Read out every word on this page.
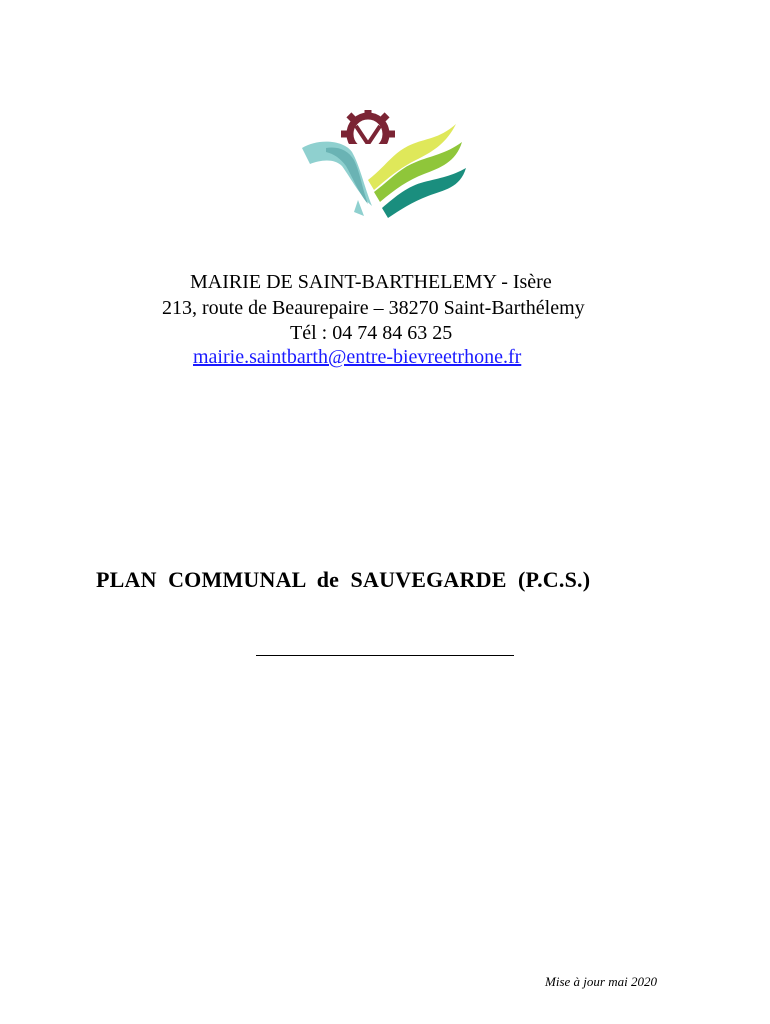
MAIRIE DE SAINT-BARTHELEMY - Isère
213, route de Beaurepaire – 38270 Saint-Barthélemy
Tél : 04 74 84 63 25
mairie.saintbarth@entre-bievreetrhone.fr
PLAN  COMMUNAL  de  SAUVEGARDE  (P.C.S.)
Mise à jour mai 2020
